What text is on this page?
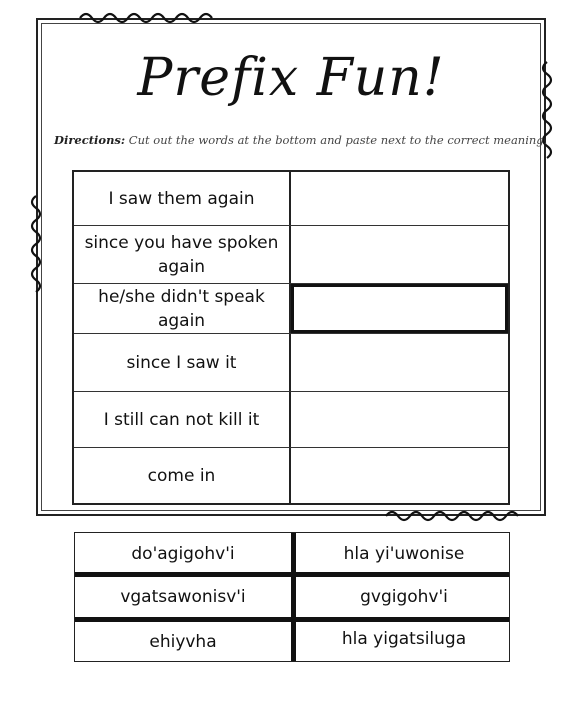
Prefix Fun!
Directions: Cut out the words at the bottom and paste next to the correct meaning.
I saw them again
since you have spoken again
he/she didn't speak again
since I saw it
I still can not kill it
come in
do'agigohv'i	hla yi'uwonise
vgatsawonisv'i	gvgigohv'i
ehiyvha	hla yigatsiluga
